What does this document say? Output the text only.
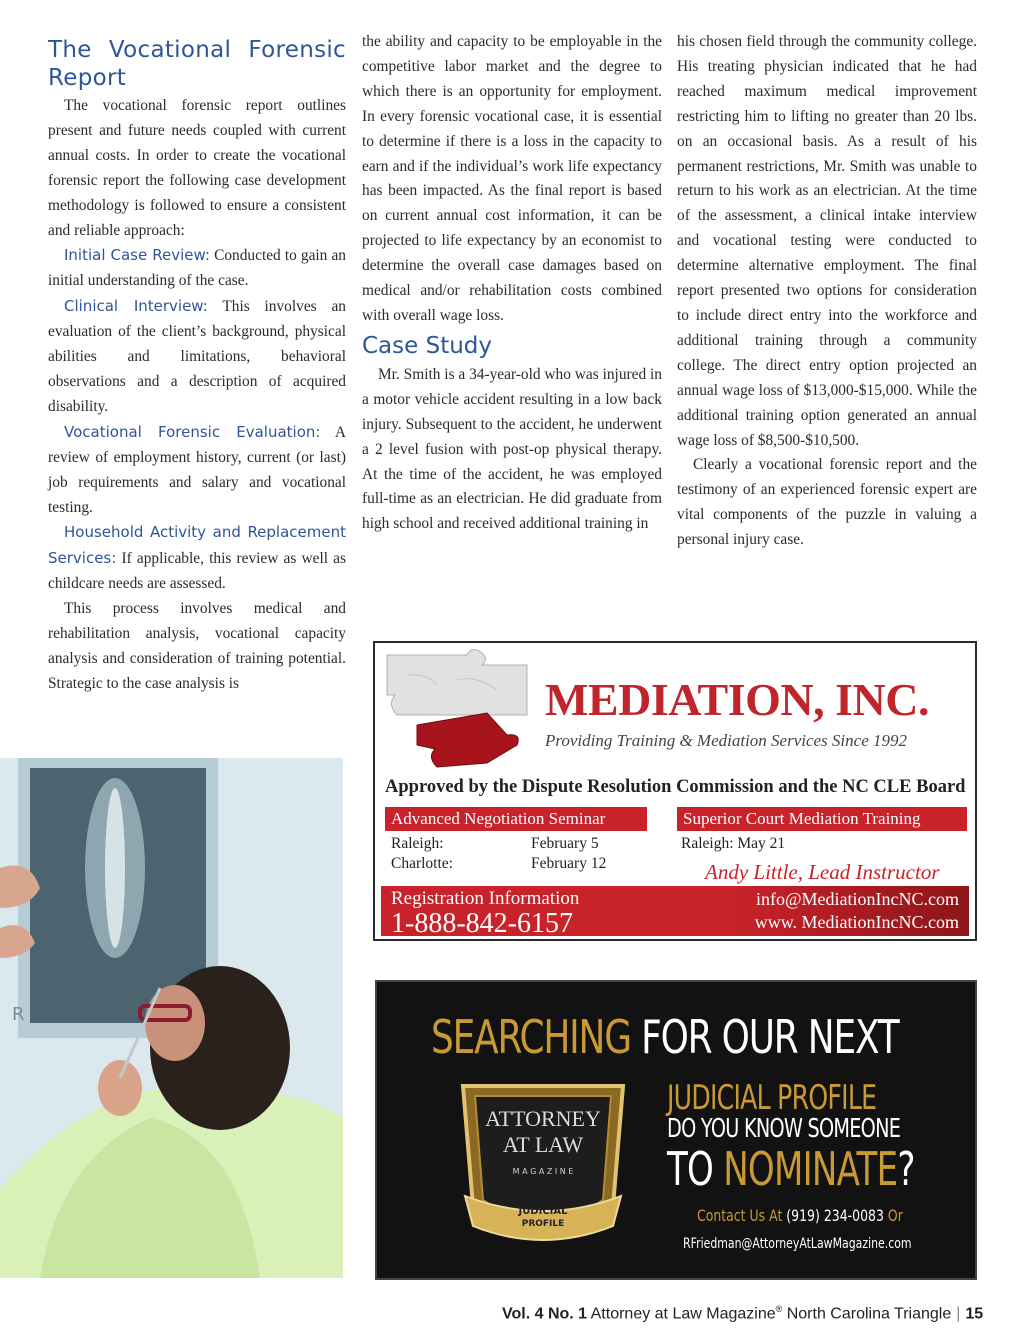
The Vocational Forensic Report

The vocational forensic report outlines present and future needs coupled with current annual costs. In order to create the vocational forensic report the following case development methodology is followed to ensure a consistent and reliable approach:

Initial Case Review: Conducted to gain an initial understanding of the case.

Clinical Interview: This involves an evaluation of the client’s background, physical abilities and limitations, behavioral observations and a description of acquired disability.

Vocational Forensic Evaluation: A review of employment history, current (or last) job requirements and salary and vocational testing.

Household Activity and Replacement Services: If applicable, this review as well as childcare needs are assessed.

This process involves medical and rehabilitation analysis, vocational capacity analysis and consideration of training potential. Strategic to the case analysis is

the ability and capacity to be employable in the competitive labor market and the degree to which there is an opportunity for employment. In every forensic vocational case, it is essential to determine if there is a loss in the capacity to earn and if the individual’s work life expectancy has been impacted. As the final report is based on current annual cost information, it can be projected to life expectancy by an economist to determine the overall case damages based on medical and/or rehabilitation costs combined with overall wage loss.

Case Study

Mr. Smith is a 34-year-old who was injured in a motor vehicle accident resulting in a low back injury. Subsequent to the accident, he underwent a 2 level fusion with post-op physical therapy. At the time of the accident, he was employed full-time as an electrician. He did graduate from high school and received additional training in

his chosen field through the community college. His treating physician indicated that he had reached maximum medical improvement restricting him to lifting no greater than 20 lbs. on an occasional basis. As a result of his permanent restrictions, Mr. Smith was unable to return to his work as an electrician. At the time of the assessment, a clinical intake interview and vocational testing were conducted to determine alternative employment. The final report presented two options for consideration to include direct entry into the workforce and additional training through a community college. The direct entry option projected an annual wage loss of $13,000-$15,000. While the additional training option generated an annual wage loss of $8,500-$10,500.

Clearly a vocational forensic report and the testimony of an experienced forensic expert are vital components of the puzzle in valuing a personal injury case.

R
MEDIATION, INC.
Providing Training & Mediation Services Since 1992
Approved by the Dispute Resolution Commission and the NC CLE Board
Advanced Negotiation Seminar	Superior Court Mediation Training
Raleigh:	February 5
Charlotte:	February 12
Raleigh: May 21
Andy Little, Lead Instructor
Registration Information
1-888-842-6157
info@MediationIncNC.com
www. MediationIncNC.com
SEARCHING FOR OUR NEXT
ATTORNEY
AT LAW
M A G A Z I N E
JUDICIAL
PROFILE
JUDICIAL PROFILE
DO YOU KNOW SOMEONE
TO NOMINATE?
Contact Us At (919) 234-0083 Or
RFriedman@AttorneyAtLawMagazine.com
Vol. 4 No. 1 Attorney at Law Magazine® North Carolina Triangle | 15
